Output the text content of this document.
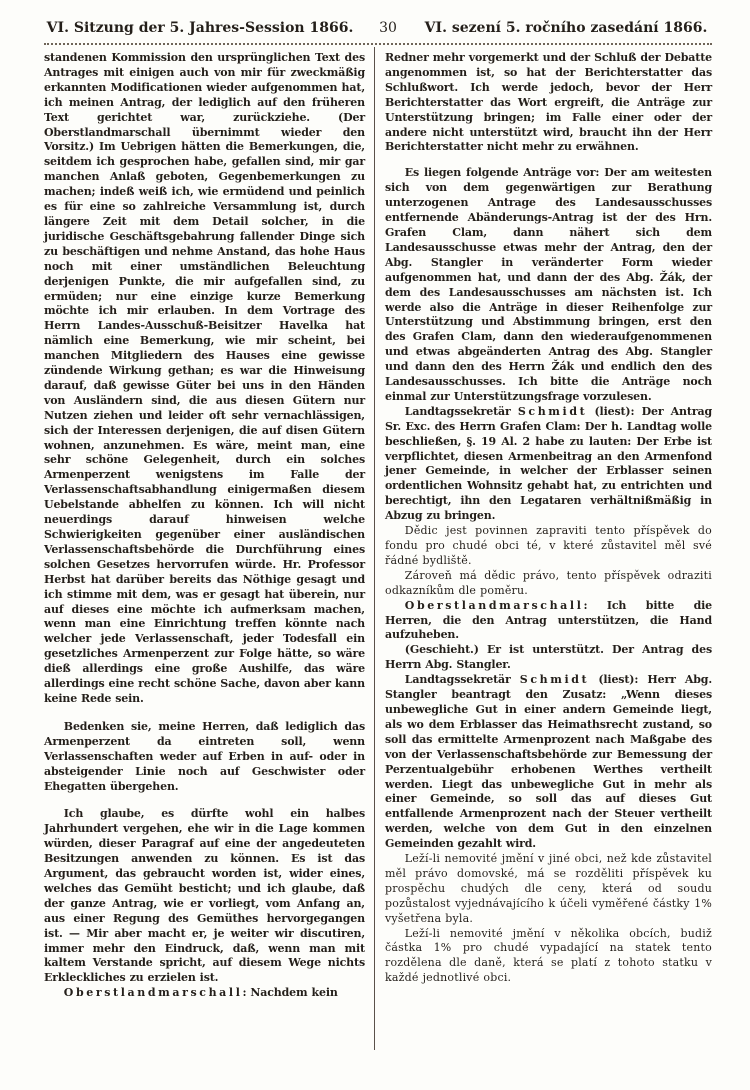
VI. Sitzung der 5. Jahres-Session 1866.	30	VI. sezení 5. ročního zasedání 1866.

standenen Kommission den ursprünglichen Text des Antrages mit einigen auch von mir für zweckmäßig erkannten Modificationen wieder aufgenommen hat, ich meinen Antrag, der lediglich auf den früheren Text gerichtet war, zurückziehe. (Der Oberstlandmarschall übernimmt wieder den Vorsitz.) Im Uebrigen hätten die Bemerkungen, die, seitdem ich gesprochen habe, gefallen sind, mir gar manchen Anlaß geboten, Gegenbemerkungen zu machen; indeß weiß ich, wie ermüdend und peinlich es für eine so zahlreiche Versammlung ist, durch längere Zeit mit dem Detail solcher, in die juridische Geschäftsgebahrung fallender Dinge sich zu beschäftigen und nehme Anstand, das hohe Haus noch mit einer umständlichen Beleuchtung derjenigen Punkte, die mir aufgefallen sind, zu ermüden; nur eine einzige kurze Bemerkung möchte ich mir erlauben. In dem Vortrage des Herrn Landes-Ausschuß-Beisitzer Havelka hat nämlich eine Bemerkung, wie mir scheint, bei manchen Mitgliedern des Hauses eine gewisse zündende Wirkung gethan; es war die Hinweisung darauf, daß gewisse Güter bei uns in den Händen von Ausländern sind, die aus diesen Gütern nur Nutzen ziehen und leider oft sehr vernachlässigen, sich der Interessen derjenigen, die auf disen Gütern wohnen, anzunehmen. Es wäre, meint man, eine sehr schöne Gelegenheit, durch ein solches Armenperzent wenigstens im Falle der Verlassenschaftsabhandlung einigermaßen diesem Uebelstande abhelfen zu können. Ich will nicht neuerdings darauf hinweisen welche Schwierigkeiten gegenüber einer ausländischen Verlassenschaftsbehörde die Durchführung eines solchen Gesetzes hervorrufen würde. Hr. Professor Herbst hat darüber bereits das Nöthige gesagt und ich stimme mit dem, was er gesagt hat überein, nur auf dieses eine möchte ich aufmerksam machen, wenn man eine Einrichtung treffen könnte nach welcher jede Verlassenschaft, jeder Todesfall ein gesetzliches Armenperzent zur Folge hätte, so wäre dieß allerdings eine große Aushilfe, das wäre allerdings eine recht schöne Sache, davon aber kann keine Rede sein.

Bedenken sie, meine Herren, daß lediglich das Armenperzent da eintreten soll, wenn Verlassenschaften weder auf Erben in auf- oder in absteigender Linie noch auf Geschwister oder Ehegatten übergehen.

Ich glaube, es dürfte wohl ein halbes Jahrhundert vergehen, ehe wir in die Lage kommen würden, dieser Paragraf auf eine der angedeuteten Besitzungen anwenden zu können. Es ist das Argument, das gebraucht worden ist, wider eines, welches das Gemüht besticht; und ich glaube, daß der ganze Antrag, wie er vorliegt, vom Anfang an, aus einer Regung des Gemüthes hervorgegangen ist. — Mir aber macht er, je weiter wir discutiren, immer mehr den Eindruck, daß, wenn man mit kaltem Verstande spricht, auf diesem Wege nichts Erkleckliches zu erzielen ist.

Oberstlandmarschall: Nachdem kein

Redner mehr vorgemerkt und der Schluß der Debatte angenommen ist, so hat der Berichterstatter das Schlußwort. Ich werde jedoch, bevor der Herr Berichterstatter das Wort ergreift, die Anträge zur Unterstützung bringen; im Falle einer oder der andere nicht unterstützt wird, braucht ihn der Herr Berichterstatter nicht mehr zu erwähnen.

Es liegen folgende Anträge vor: Der am weitesten sich von dem gegenwärtigen zur Berathung unterzogenen Antrage des Landesausschusses entfernende Abänderungs-Antrag ist der des Hrn. Grafen Clam, dann nähert sich dem Landesausschusse etwas mehr der Antrag, den der Abg. Stangler in veränderter Form wieder aufgenommen hat, und dann der des Abg. Žák, der dem des Landesausschusses am nächsten ist. Ich werde also die Anträge in dieser Reihenfolge zur Unterstützung und Abstimmung bringen, erst den des Grafen Clam, dann den wiederaufgenommenen und etwas abgeänderten Antrag des Abg. Stangler und dann den des Herrn Žák und endlich den des Landesausschusses. Ich bitte die Anträge noch einmal zur Unterstützungsfrage vorzulesen.

Landtagssekretär Schmidt (liest): Der Antrag Sr. Exc. des Herrn Grafen Clam: Der h. Landtag wolle beschließen, §. 19 Al. 2 habe zu lauten: Der Erbe ist verpflichtet, diesen Armenbeitrag an den Armenfond jener Gemeinde, in welcher der Erblasser seinen ordentlichen Wohnsitz gehabt hat, zu entrichten und berechtigt, ihn den Legataren verhältnißmäßig in Abzug zu bringen.

Dědic jest povinnen zapraviti tento příspěvek do fondu pro chudé obci té, v které zůstavitel měl své řádné bydliště.

Zároveň má dědic právo, tento příspěvek odraziti odkazníkům dle poměru.

Oberstlandmarschall: Ich bitte die Herren, die den Antrag unterstützen, die Hand aufzuheben.

(Geschieht.) Er ist unterstützt. Der Antrag des Herrn Abg. Stangler.

Landtagssekretär Schmidt (liest): Herr Abg. Stangler beantragt den Zusatz: „Wenn dieses unbewegliche Gut in einer andern Gemeinde liegt, als wo dem Erblasser das Heimathsrecht zustand, so soll das ermittelte Armenprozent nach Maßgabe des von der Verlassenschaftsbehörde zur Bemessung der Perzentualgebühr erhobenen Werthes vertheilt werden. Liegt das unbewegliche Gut in mehr als einer Gemeinde, so soll das auf dieses Gut entfallende Armenprozent nach der Steuer vertheilt werden, welche von dem Gut in den einzelnen Gemeinden gezahlt wird.

Leží-li nemovité jmění v jiné obci, než kde zůstavitel měl právo domovské, má se rozděliti příspěvek ku prospěchu chudých dle ceny, která od soudu pozůstalost vyjednávajícího k účeli vyměřené částky 1% vyšetřena byla.

Leží-li nemovité jmění v několika obcích, budiž částka 1% pro chudé vypadající na statek tento rozdělena dle daně, která se platí z tohoto statku v každé jednotlivé obci.
